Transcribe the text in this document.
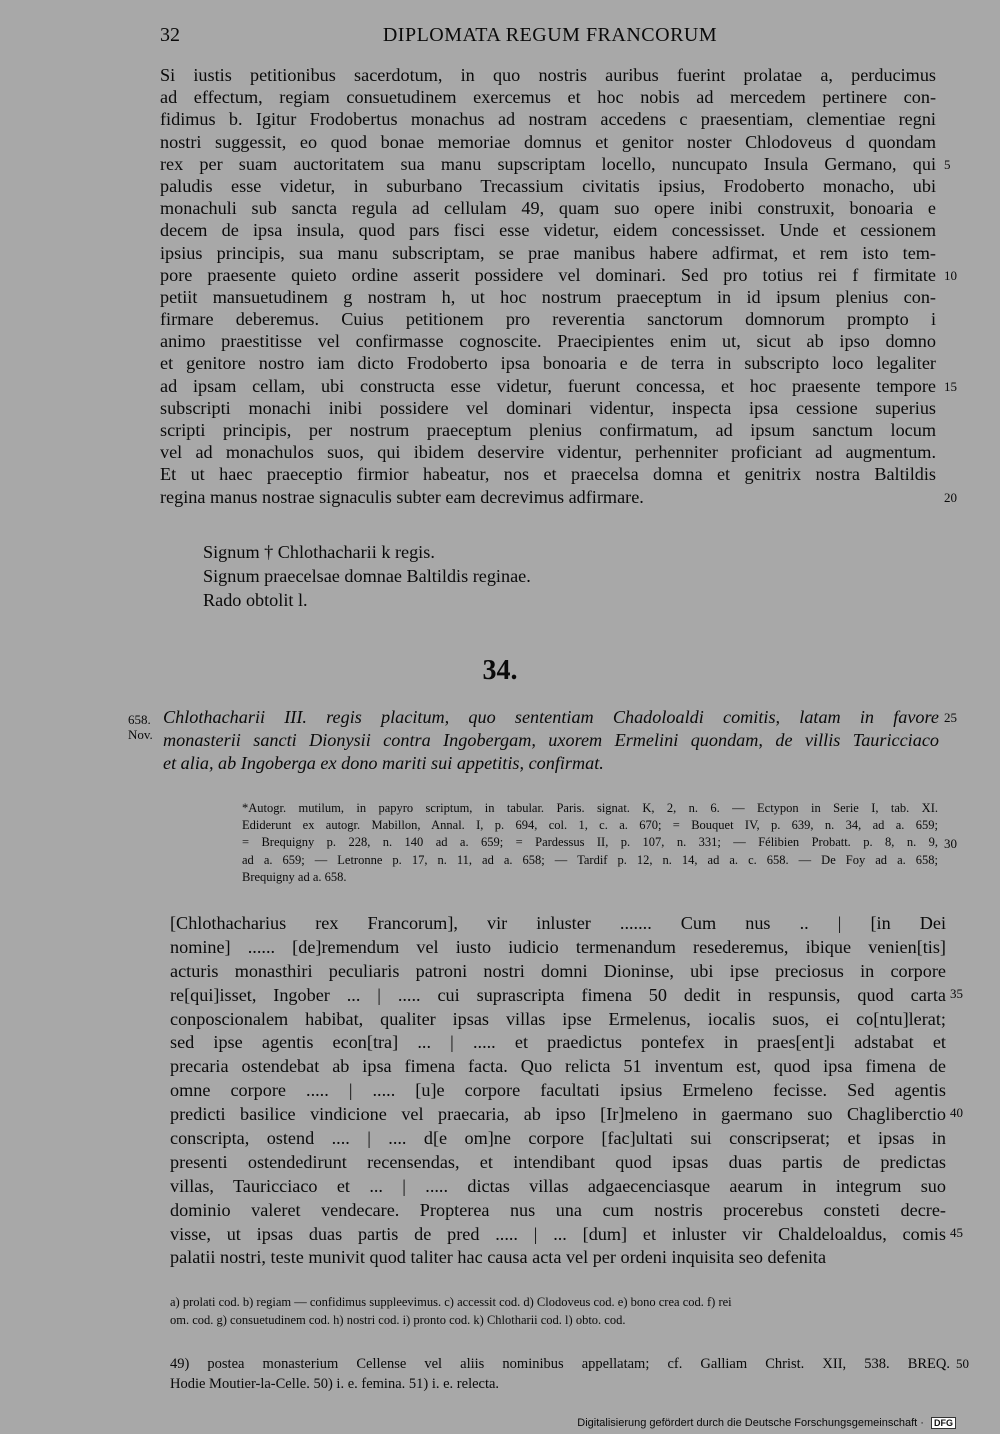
32	DIPLOMATA REGUM FRANCORUM
Si iustis petitionibus sacerdotum, in quo nostris auribus fuerint prolatae a, perducimus
ad effectum, regiam consuetudinem exercemus et hoc nobis ad mercedem pertinere con-
fidimus b. Igitur Frodobertus monachus ad nostram accedens c praesentiam, clementiae regni
nostri suggessit, eo quod bonae memoriae domnus et genitor noster Chlodoveus d quondam
rex per suam auctoritatem sua manu supscriptam locello, nuncupato Insula Germano, qui
paludis esse videtur, in suburbano Trecassium civitatis ipsius, Frodoberto monacho, ubi
monachuli sub sancta regula ad cellulam 49, quam suo opere inibi construxit, bonoaria e
decem de ipsa insula, quod pars fisci esse videtur, eidem concessisset. Unde et cessionem
ipsius principis, sua manu subscriptam, se prae manibus habere adfirmat, et rem isto tem-
pore praesente quieto ordine asserit possidere vel dominari. Sed pro totius rei f firmitate
petiit mansuetudinem g nostram h, ut hoc nostrum praeceptum in id ipsum plenius con-
firmare deberemus. Cuius petitionem pro reverentia sanctorum domnorum prompto i
animo praestitisse vel confirmasse cognoscite. Praecipientes enim ut, sicut ab ipso domno
et genitore nostro iam dicto Frodoberto ipsa bonoaria e de terra in subscripto loco legaliter
ad ipsam cellam, ubi constructa esse videtur, fuerunt concessa, et hoc praesente tempore
subscripti monachi inibi possidere vel dominari videntur, inspecta ipsa cessione superius
scripti principis, per nostrum praeceptum plenius confirmatum, ad ipsum sanctum locum
vel ad monachulos suos, qui ibidem deservire videntur, perhenniter proficiant ad augmentum.
Et ut haec praeceptio firmior habeatur, nos et praecelsa domna et genitrix nostra Baltildis
regina manus nostrae signaculis subter eam decrevimus adfirmare.
5
10
15
20
Signum † Chlothacharii k regis.
Signum praecelsae domnae Baltildis reginae.
Rado obtolit l.
34.
658.
Nov.
Chlothacharii III. regis placitum, quo sententiam Chadoloaldi comitis, latam in favore
monasterii sancti Dionysii contra Ingobergam, uxorem Ermelini quondam, de villis Tauricciaco
et alia, ab Ingoberga ex dono mariti sui appetitis, confirmat.
25
*Autogr. mutilum, in papyro scriptum, in tabular. Paris. signat. K, 2, n. 6. — Ectypon in Serie I, tab. XI.
Ediderunt ex autogr. Mabillon, Annal. I, p. 694, col. 1, c. a. 670; = Bouquet IV, p. 639, n. 34, ad a. 659;
= Brequigny p. 228, n. 140 ad a. 659; = Pardessus II, p. 107, n. 331; — Félibien Probatt. p. 8, n. 9,
ad a. 659; — Letronne p. 17, n. 11, ad a. 658; — Tardif p. 12, n. 14, ad a. c. 658. — De Foy ad a. 658;
Brequigny ad a. 658.
30
[Chlothacharius rex Francorum], vir inluster ....... Cum nus .. | [in Dei
nomine] ...... [de]remendum vel iusto iudicio termenandum resederemus, ibique venien[tis]
acturis monasthiri peculiaris patroni nostri domni Dioninse, ubi ipse preciosus in corpore
re[qui]isset, Ingober ... | ..... cui suprascripta fimena 50 dedit in respunsis, quod carta
conposcionalem habibat, qualiter ipsas villas ipse Ermelenus, iocalis suos, ei co[ntu]lerat;
sed ipse agentis econ[tra] ... | ..... et praedictus pontefex in praes[ent]i adstabat et
precaria ostendebat ab ipsa fimena facta. Quo relicta 51 inventum est, quod ipsa fimena de
omne corpore ..... | ..... [u]e corpore facultati ipsius Ermeleno fecisse. Sed agentis
predicti basilice vindicione vel praecaria, ab ipso [Ir]meleno in gaermano suo Chagliberctio
conscripta, ostend .... | .... d[e om]ne corpore [fac]ultati sui conscripserat; et ipsas in
presenti ostendedirunt recensendas, et intendibant quod ipsas duas partis de predictas
villas, Tauricciaco et ... | ..... dictas villas adgaecenciasque aearum in integrum suo
dominio valeret vendecare. Propterea nus una cum nostris procerebus consteti decre-
visse, ut ipsas duas partis de pred ..... | ... [dum] et inluster vir Chaldeloaldus, comis
palatii nostri, teste munivit quod taliter hac causa acta vel per ordeni inquisita seo defenita
35
40
45
a) prolati cod. b) regiam — confidimus suppleevimus. c) accessit cod. d) Clodoveus cod. e) bono crea cod. f) rei
om. cod. g) consuetudinem cod. h) nostri cod. i) pronto cod. k) Chlotharii cod. l) obto. cod.
49) postea monasterium Cellense vel aliis nominibus appellatam; cf. Galliam Christ. XII, 538. BREQ.
Hodie Moutier-la-Celle. 50) i. e. femina. 51) i. e. relecta.
50
Digitalisierung gefördert durch die Deutsche Forschungsgemeinschaft · DFG
